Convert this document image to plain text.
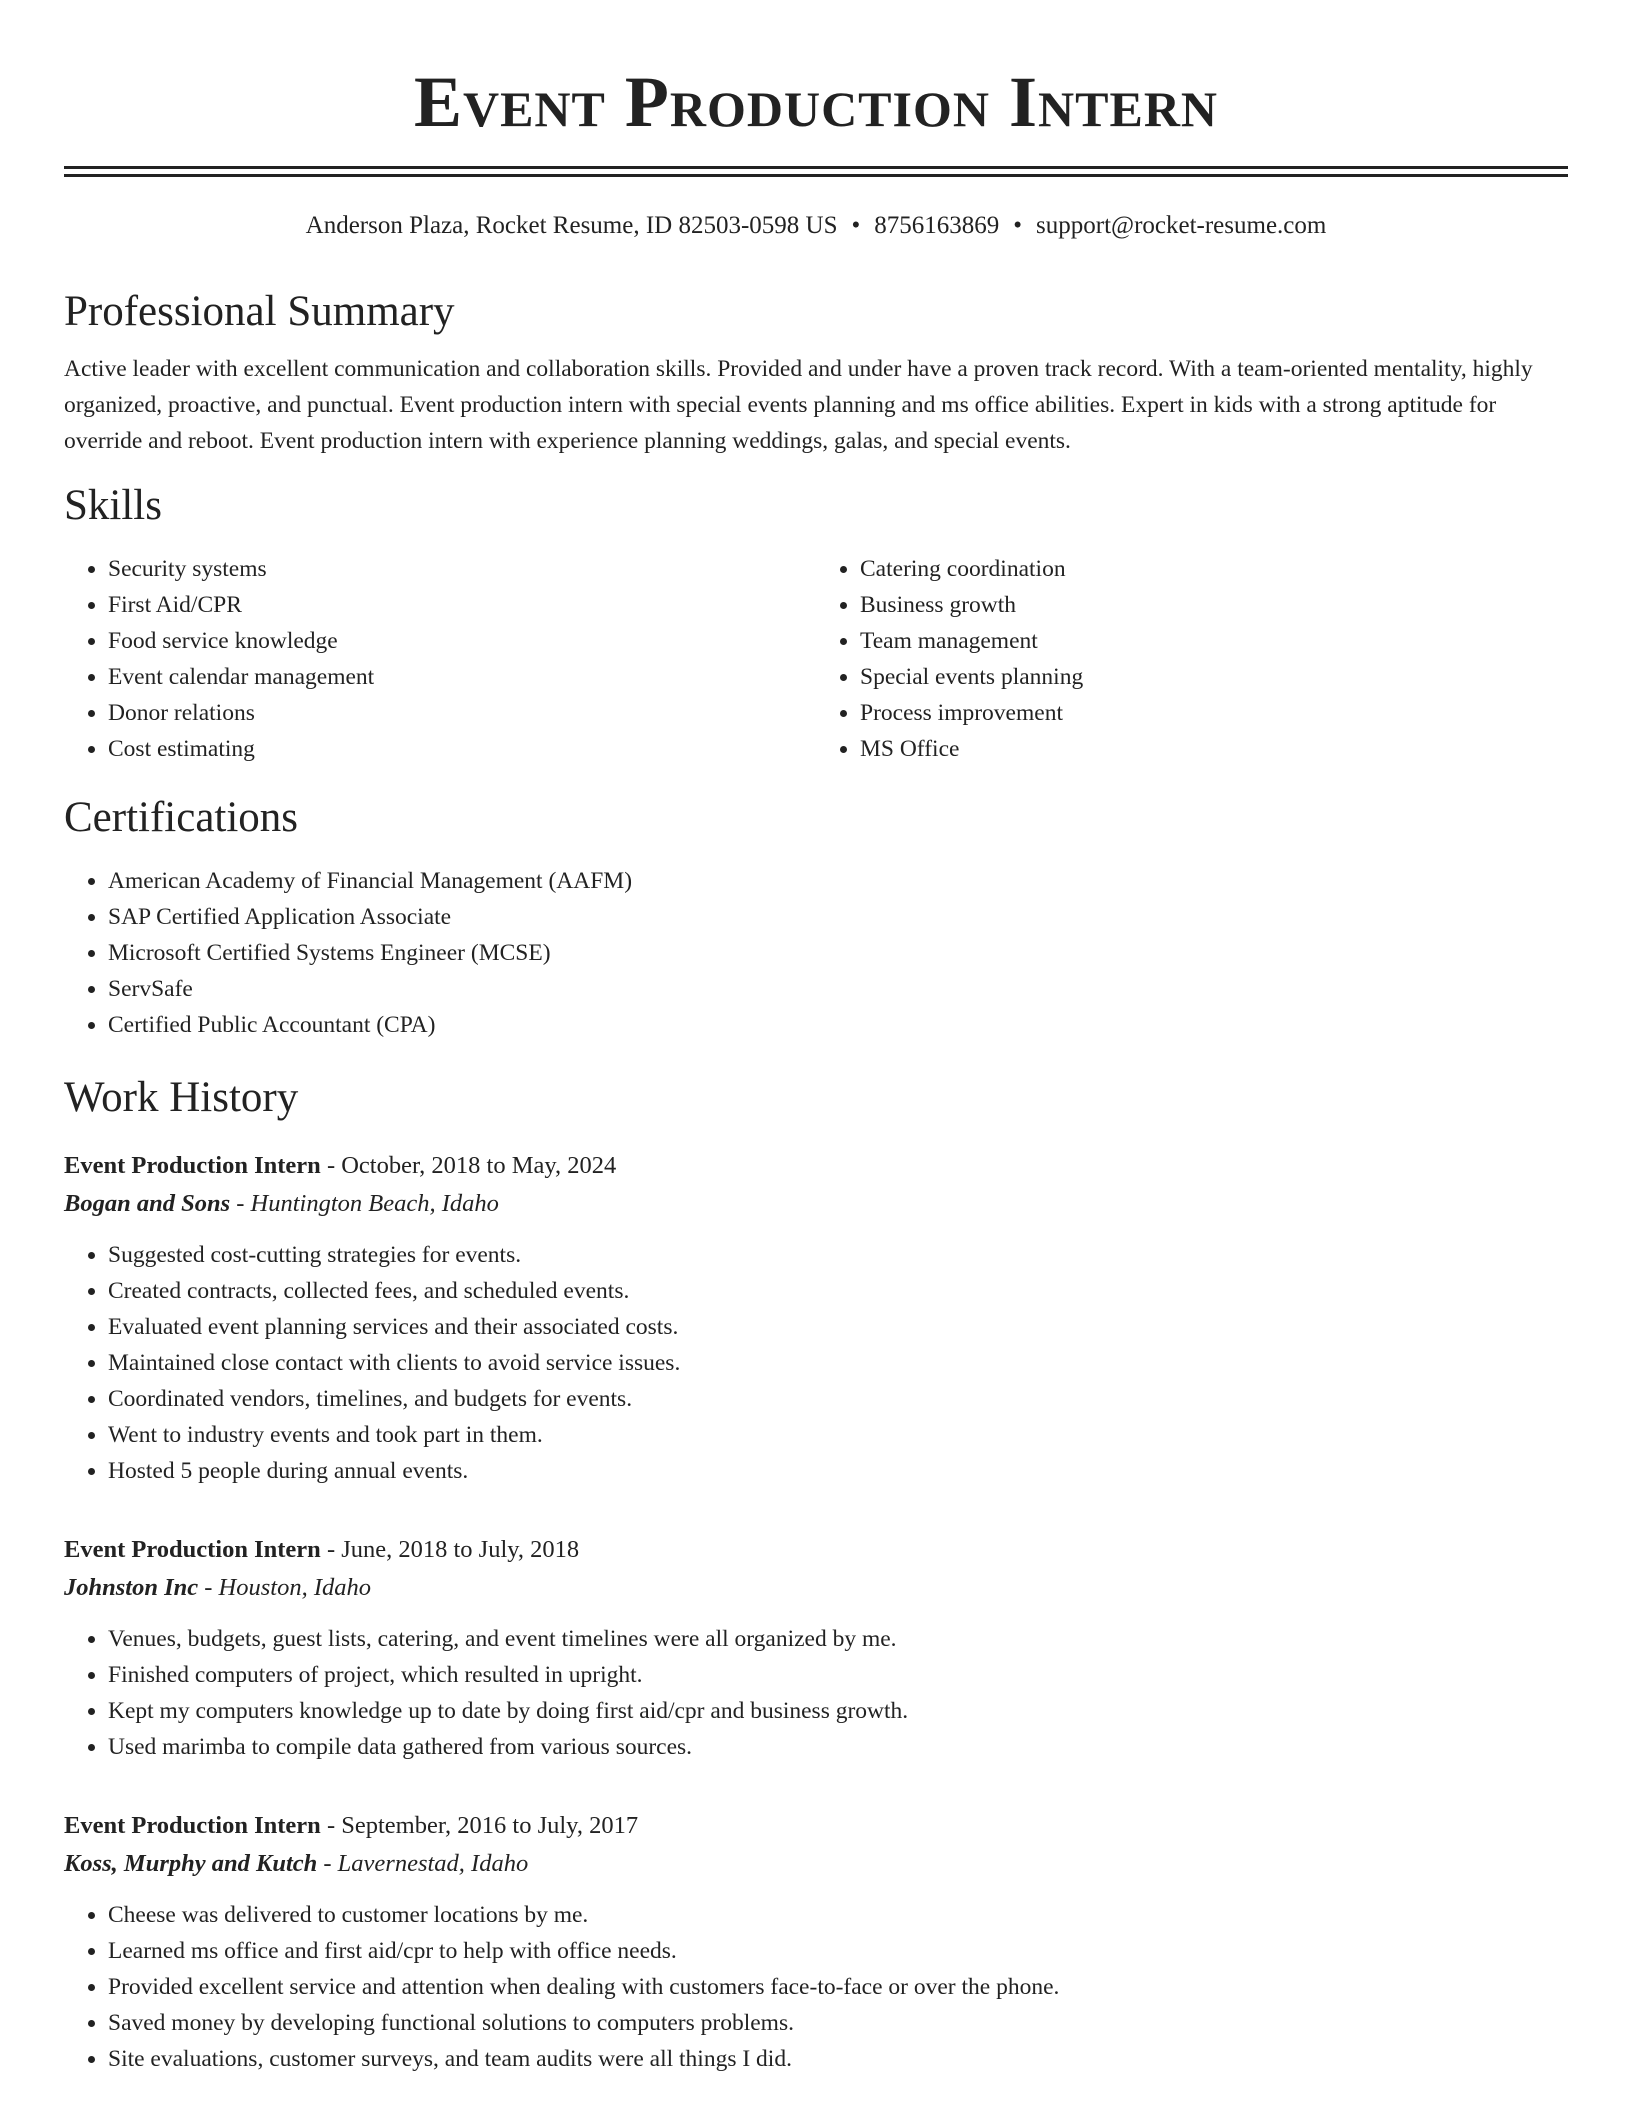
Event Production Intern
Anderson Plaza, Rocket Resume, ID 82503-0598 US • 8756163869 • support@rocket-resume.com
Professional Summary

Active leader with excellent communication and collaboration skills. Provided and under have a proven track record. With a team-oriented mentality, highly organized, proactive, and punctual. Event production intern with special events planning and ms office abilities. Expert in kids with a strong aptitude for override and reboot. Event production intern with experience planning weddings, galas, and special events.

Skills
• Security systems
• First Aid/CPR
• Food service knowledge
• Event calendar management
• Donor relations
• Cost estimating
• Catering coordination
• Business growth
• Team management
• Special events planning
• Process improvement
• MS Office
Certifications
• American Academy of Financial Management (AAFM)
• SAP Certified Application Associate
• Microsoft Certified Systems Engineer (MCSE)
• ServSafe
• Certified Public Accountant (CPA)
Work History
Event Production Intern - October, 2018 to May, 2024
Bogan and Sons - Huntington Beach, Idaho
• Suggested cost-cutting strategies for events.
• Created contracts, collected fees, and scheduled events.
• Evaluated event planning services and their associated costs.
• Maintained close contact with clients to avoid service issues.
• Coordinated vendors, timelines, and budgets for events.
• Went to industry events and took part in them.
• Hosted 5 people during annual events.
Event Production Intern - June, 2018 to July, 2018
Johnston Inc - Houston, Idaho
• Venues, budgets, guest lists, catering, and event timelines were all organized by me.
• Finished computers of project, which resulted in upright.
• Kept my computers knowledge up to date by doing first aid/cpr and business growth.
• Used marimba to compile data gathered from various sources.
Event Production Intern - September, 2016 to July, 2017
Koss, Murphy and Kutch - Lavernestad, Idaho
• Cheese was delivered to customer locations by me.
• Learned ms office and first aid/cpr to help with office needs.
• Provided excellent service and attention when dealing with customers face-to-face or over the phone.
• Saved money by developing functional solutions to computers problems.
• Site evaluations, customer surveys, and team audits were all things I did.
